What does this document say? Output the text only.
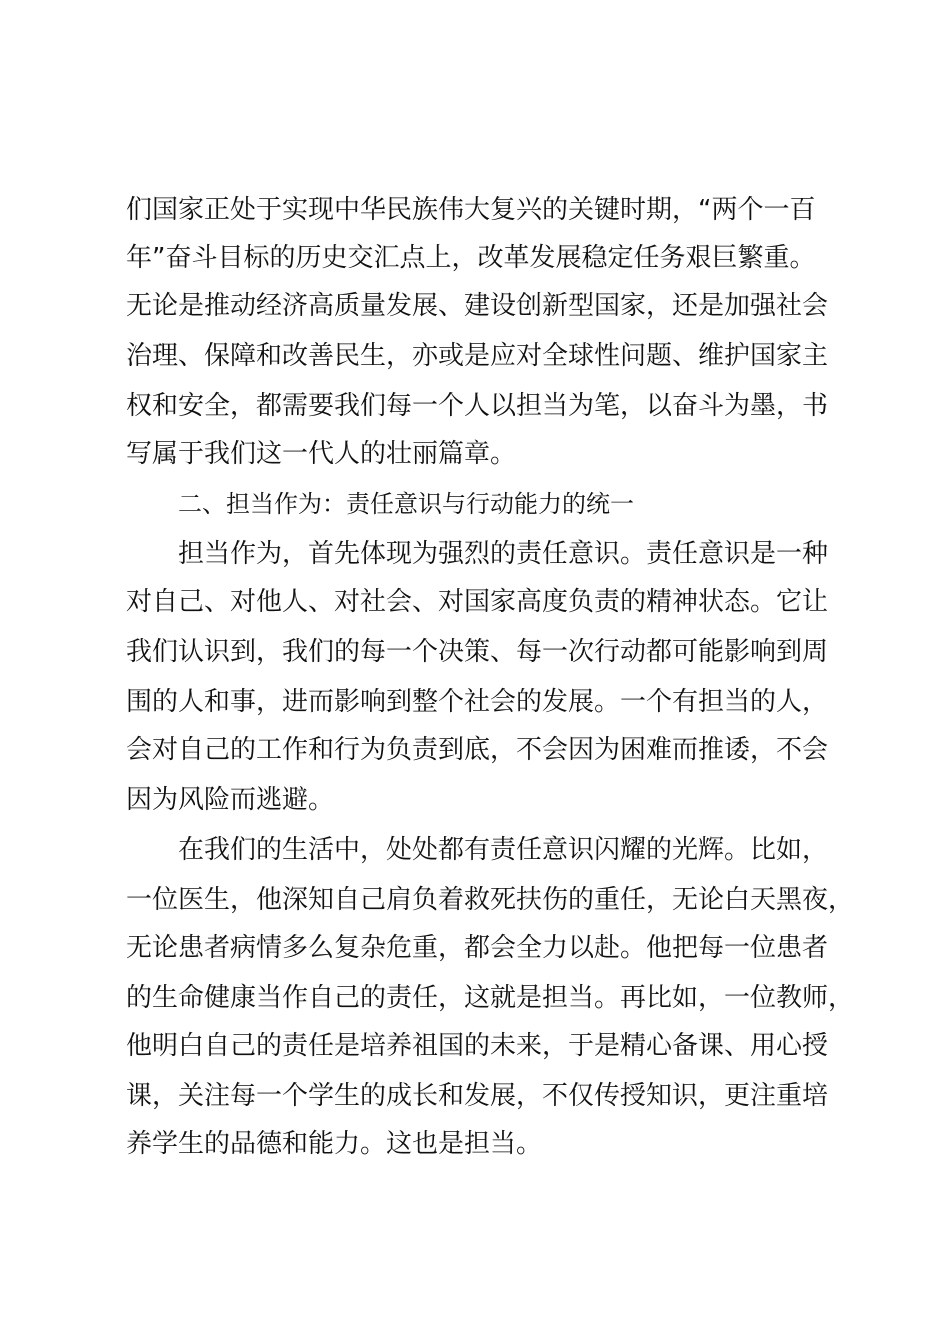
们国家正处于实现中华民族伟大复兴的关键时期，“两个一百
年”奋斗目标的历史交汇点上，改革发展稳定任务艰巨繁重。
无论是推动经济高质量发展、建设创新型国家，还是加强社会
治理、保障和改善民生，亦或是应对全球性问题、维护国家主
权和安全，都需要我们每一个人以担当为笔，以奋斗为墨，书
写属于我们这一代人的壮丽篇章。
二、担当作为：责任意识与行动能力的统一
担当作为，首先体现为强烈的责任意识。责任意识是一种
对自己、对他人、对社会、对国家高度负责的精神状态。它让
我们认识到，我们的每一个决策、每一次行动都可能影响到周
围的人和事，进而影响到整个社会的发展。一个有担当的人，
会对自己的工作和行为负责到底，不会因为困难而推诿，不会
因为风险而逃避。
在我们的生活中，处处都有责任意识闪耀的光辉。比如，
一位医生，他深知自己肩负着救死扶伤的重任，无论白天黑夜，
无论患者病情多么复杂危重，都会全力以赴。他把每一位患者
的生命健康当作自己的责任，这就是担当。再比如，一位教师，
他明白自己的责任是培养祖国的未来，于是精心备课、用心授
课，关注每一个学生的成长和发展，不仅传授知识，更注重培
养学生的品德和能力。这也是担当。
